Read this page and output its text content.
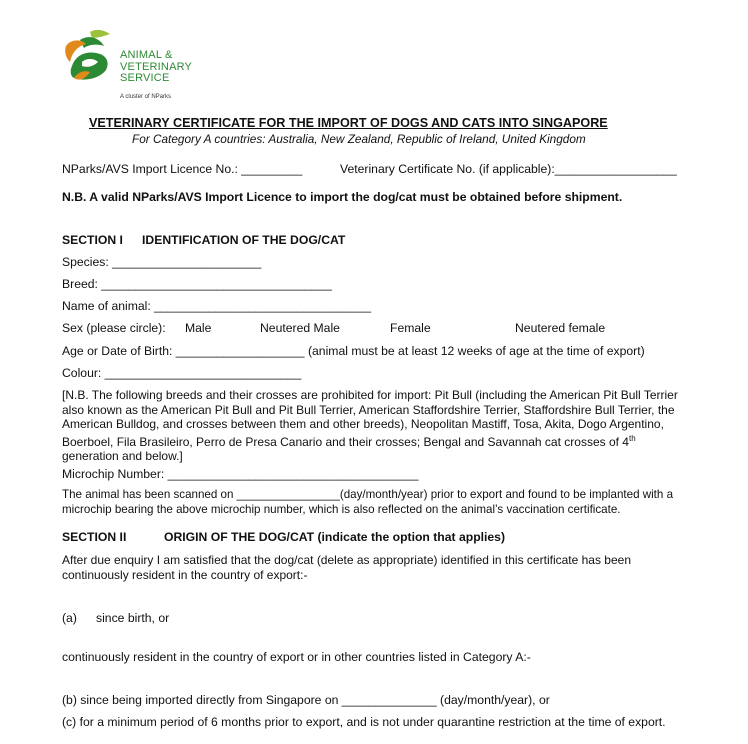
ANIMAL &
VETERINARY
SERVICE
A cluster of NParks
VETERINARY CERTIFICATE FOR THE IMPORT OF DOGS AND CATS INTO SINGAPORE
For Category A countries: Australia, New Zealand, Republic of Ireland, United Kingdom
NParks/AVS Import Licence No.: _________	Veterinary Certificate No. (if applicable):__________________
N.B. A valid NParks/AVS Import Licence to import the dog/cat must be obtained before shipment.
SECTION I IDENTIFICATION OF THE DOG/CAT
Species: ______________________
Breed: __________________________________
Name of animal: ________________________________
Sex (please circle): Male	Neutered Male	Female	Neutered female
Age or Date of Birth: ___________________ (animal must be at least 12 weeks of age at the time of export)
Colour: _____________________________
[N.B. The following breeds and their crosses are prohibited for import: Pit Bull (including the American Pit Bull Terrier also known as the American Pit Bull and Pit Bull Terrier, American Staffordshire Terrier, Staffordshire Bull Terrier, the American Bulldog, and crosses between them and other breeds), Neopolitan Mastiff, Tosa, Akita, Dogo Argentino, Boerboel, Fila Brasileiro, Perro de Presa Canario and their crosses; Bengal and Savannah cat crosses of 4th generation and below.]
Microchip Number: _____________________________________
The animal has been scanned on ________________(day/month/year) prior to export and found to be implanted with a microchip bearing the above microchip number, which is also reflected on the animal’s vaccination certificate.
SECTION II	ORIGIN OF THE DOG/CAT (indicate the option that applies)
After due enquiry I am satisfied that the dog/cat (delete as appropriate) identified in this certificate has been continuously resident in the country of export:-
(a) since birth, or
continuously resident in the country of export or in other countries listed in Category A:-
(b) since being imported directly from Singapore on ______________ (day/month/year), or
(c) for a minimum period of 6 months prior to export, and is not under quarantine restriction at the time of export.
